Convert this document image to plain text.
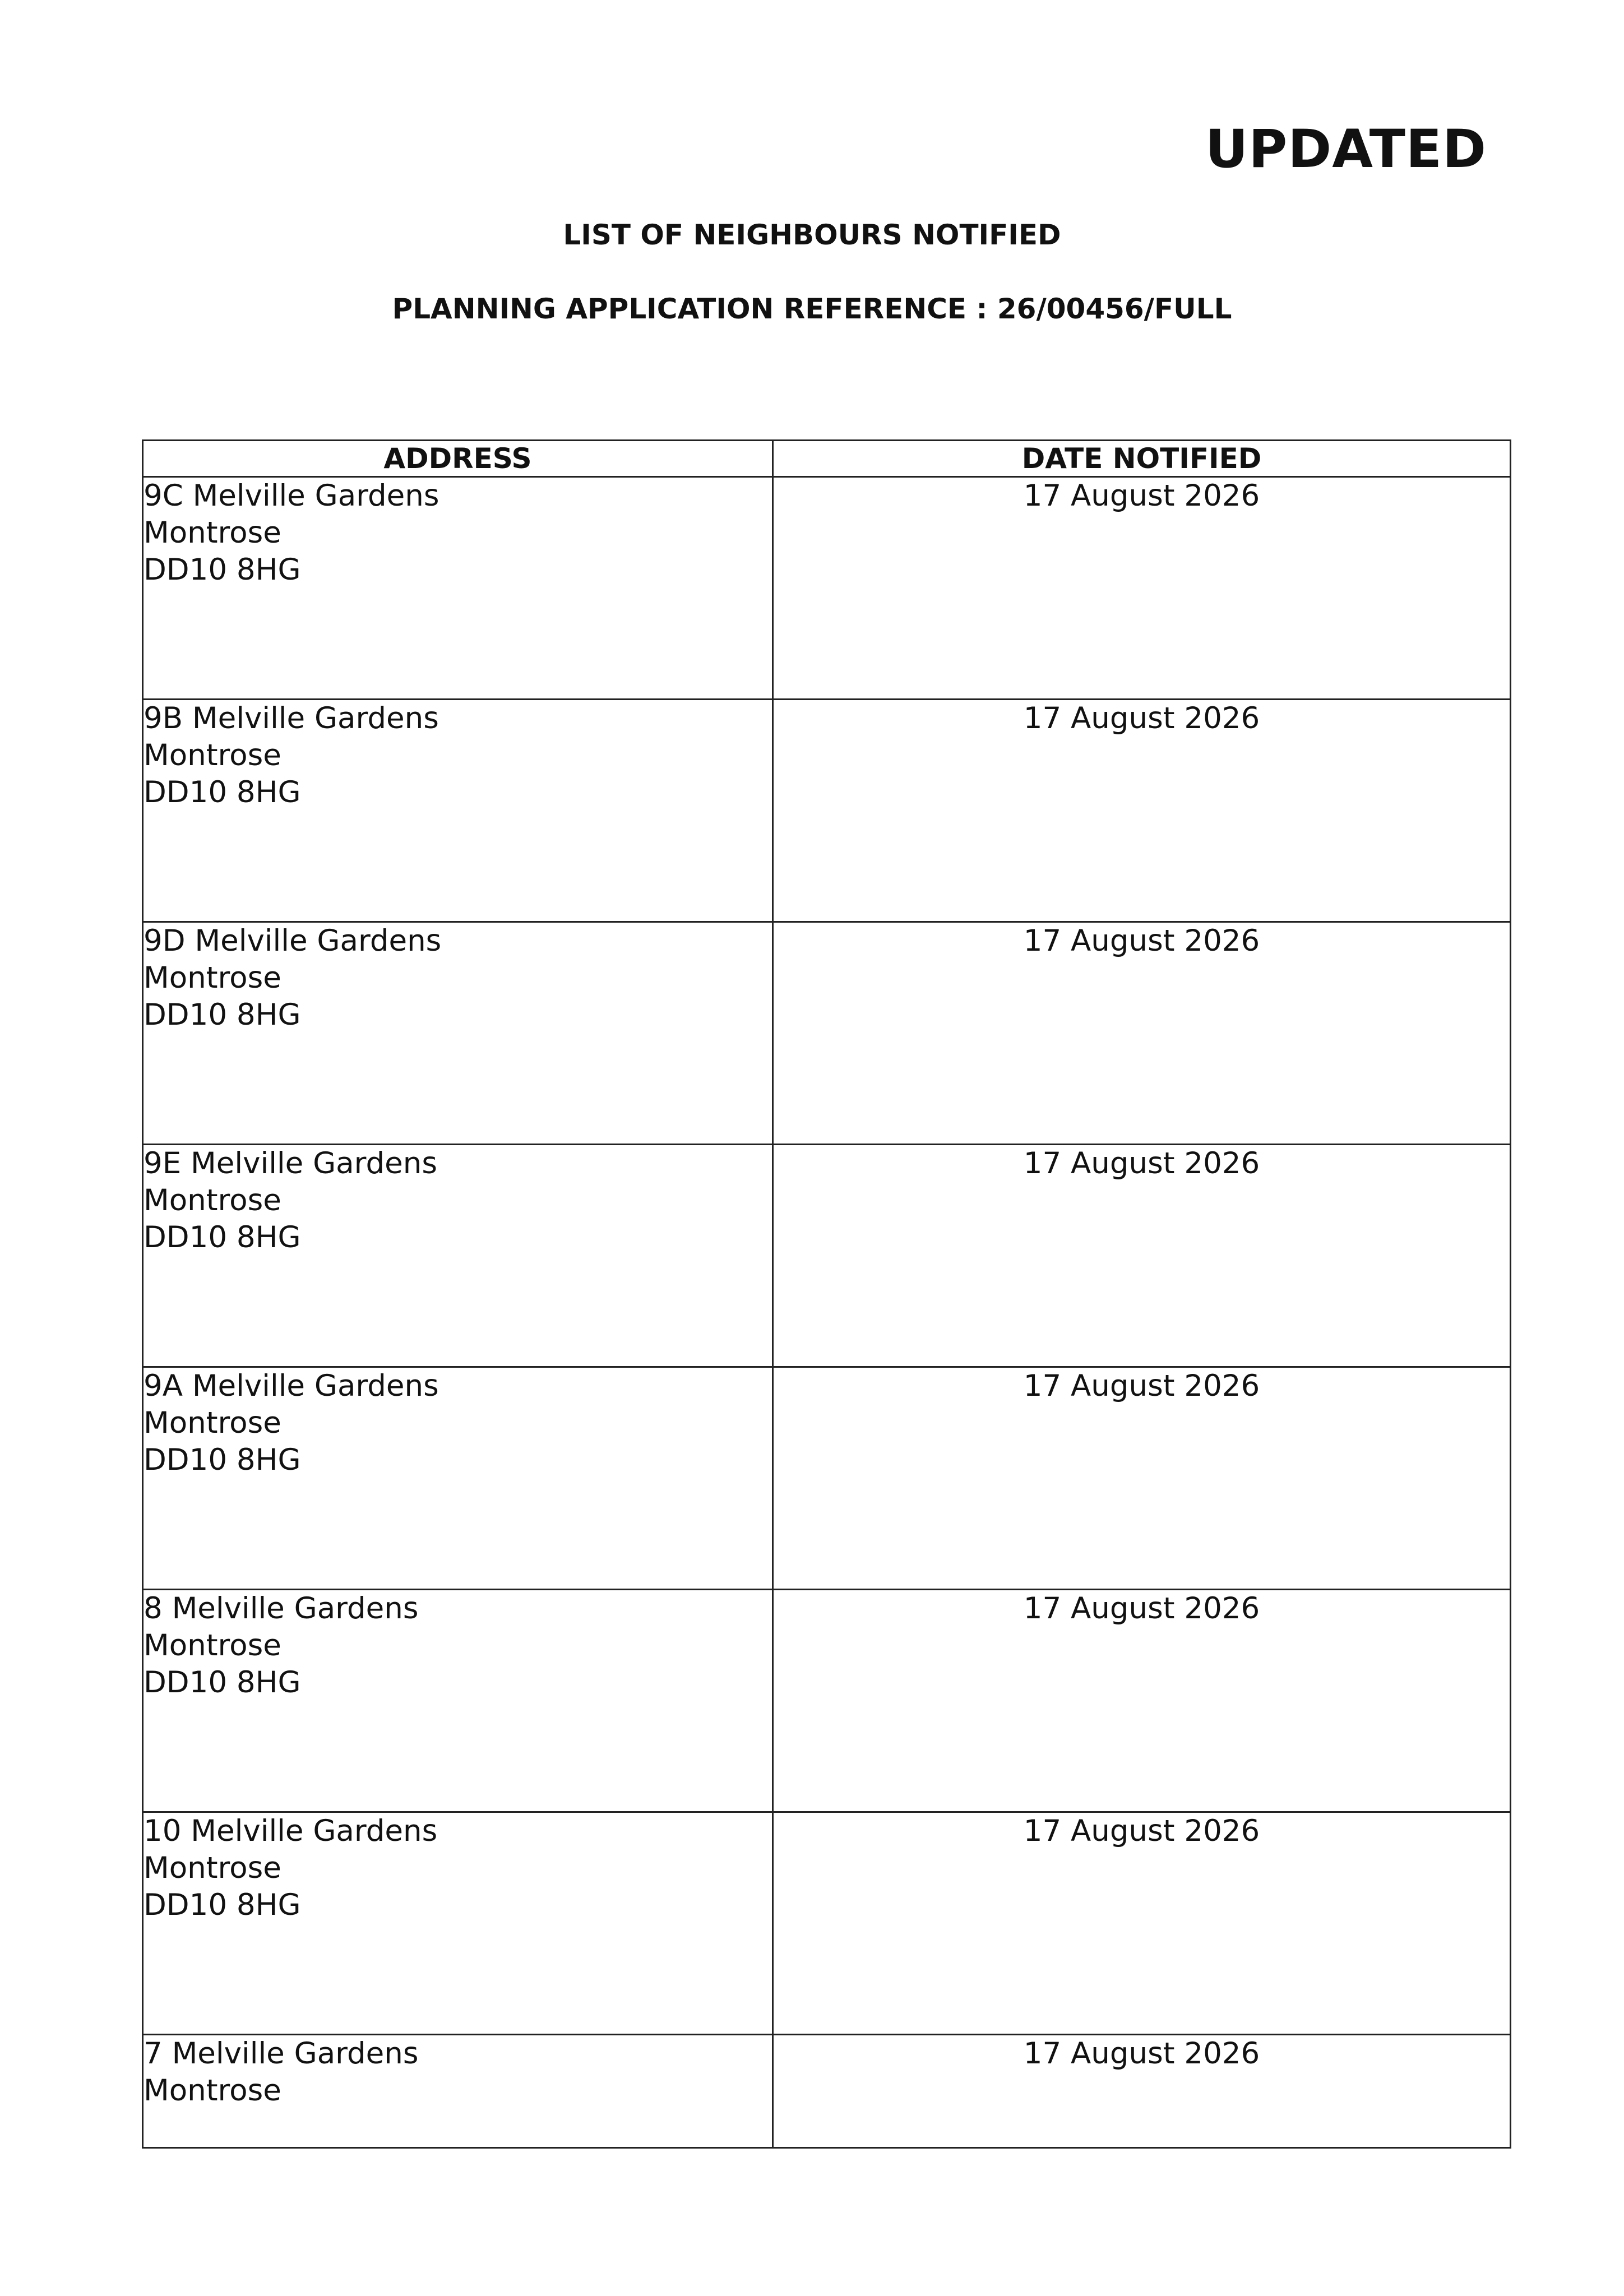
UPDATED
LIST OF NEIGHBOURS NOTIFIED
PLANNING APPLICATION REFERENCE : 26/00456/FULL
ADDRESS	DATE NOTIFIED

9C Melville Gardens
Montrose
DD10 8HG	17 August 2026

9B Melville Gardens
Montrose
DD10 8HG	17 August 2026

9D Melville Gardens
Montrose
DD10 8HG	17 August 2026

9E Melville Gardens
Montrose
DD10 8HG	17 August 2026

9A Melville Gardens
Montrose
DD10 8HG	17 August 2026

8 Melville Gardens
Montrose
DD10 8HG	17 August 2026

10 Melville Gardens
Montrose
DD10 8HG	17 August 2026

7 Melville Gardens
Montrose	17 August 2026
